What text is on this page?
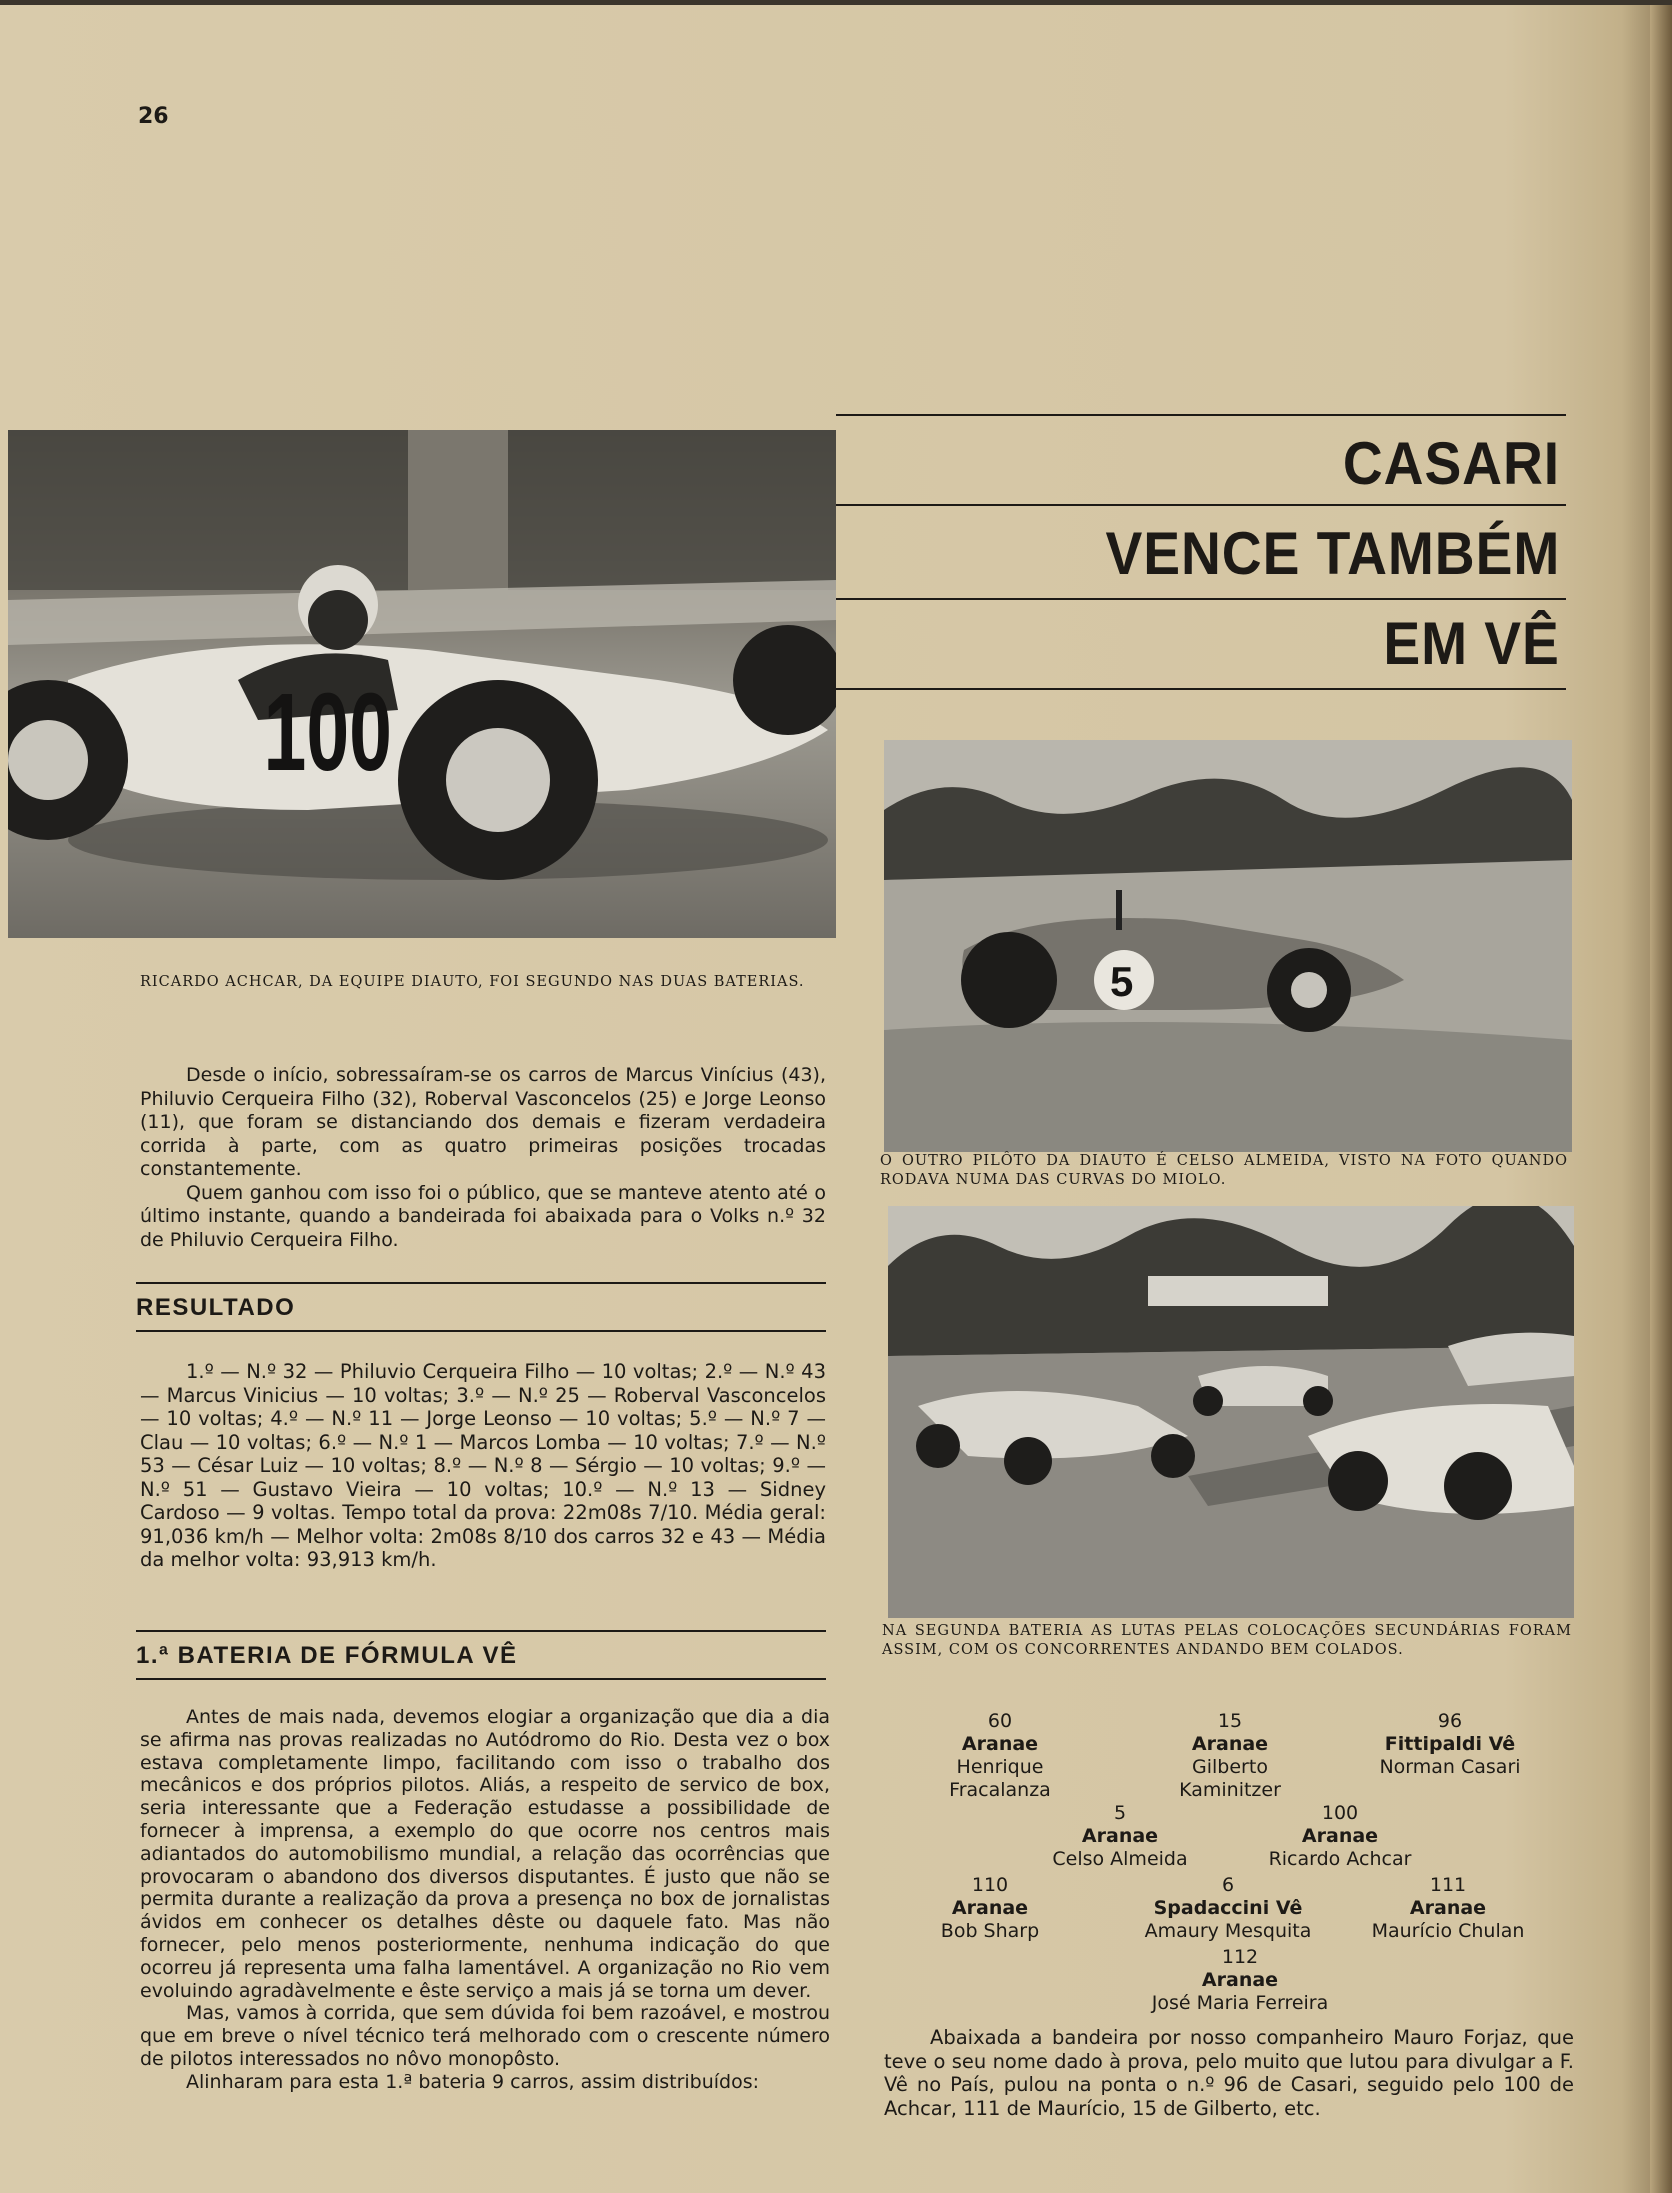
26
100
RICARDO ACHCAR, DA EQUIPE DIAUTO, FOI SEGUNDO NAS DUAS BATERIAS.
CASARI
VENCE TAMBÉM
EM VÊ
5
O OUTRO PILÔTO DA DIAUTO É CELSO ALMEIDA, VISTO NA FOTO QUANDO RODAVA NUMA DAS CURVAS DO MIOLO.
NA SEGUNDA BATERIA AS LUTAS PELAS COLOCAÇÕES SECUNDÁRIAS FORAM ASSIM, COM OS CONCORRENTES ANDANDO BEM COLADOS.

Desde o início, sobressaíram-se os carros de Marcus Vinícius (43), Philuvio Cerqueira Filho (32), Roberval Vasconcelos (25) e Jorge Leonso (11), que foram se distanciando dos demais e fizeram verdadeira corrida à parte, com as quatro primeiras posições trocadas constantemente.

Quem ganhou com isso foi o público, que se manteve atento até o último instante, quando a bandeirada foi abaixada para o Volks n.º 32 de Philuvio Cerqueira Filho.

RESULTADO
1.º — N.º 32 — Philuvio Cerqueira Filho — 10 voltas; 2.º — N.º 43 — Marcus Vinicius — 10 voltas; 3.º — N.º 25 — Roberval Vasconcelos — 10 voltas; 4.º — N.º 11 — Jorge Leonso — 10 voltas; 5.º — N.º 7 — Clau — 10 voltas; 6.º — N.º 1 — Marcos Lomba — 10 voltas; 7.º — N.º 53 — César Luiz — 10 voltas; 8.º — N.º 8 — Sérgio — 10 voltas; 9.º — N.º 51 — Gustavo Vieira — 10 voltas; 10.º — N.º 13 — Sidney Cardoso — 9 voltas. Tempo total da prova: 22m08s 7/10. Média geral: 91,036 km/h — Melhor volta: 2m08s 8/10 dos carros 32 e 43 — Média da melhor volta: 93,913 km/h.
1.ª BATERIA DE FÓRMULA VÊ

Antes de mais nada, devemos elogiar a organização que dia a dia se afirma nas provas realizadas no Autódromo do Rio. Desta vez o box estava completamente limpo, facilitando com isso o trabalho dos mecânicos e dos próprios pilotos. Aliás, a respeito de servico de box, seria interessante que a Federação estudasse a possibilidade de fornecer à imprensa, a exemplo do que ocorre nos centros mais adiantados do automobilismo mundial, a relação das ocorrências que provocaram o abandono dos diversos disputantes. É justo que não se permita durante a realização da prova a presença no box de jornalistas ávidos em conhecer os detalhes dêste ou daquele fato. Mas não fornecer, pelo menos posteriormente, nenhuma indicação do que ocorreu já representa uma falha lamentável. A organização no Rio vem evoluindo agradàvelmente e êste serviço a mais já se torna um dever.

Mas, vamos à corrida, que sem dúvida foi bem razoável, e mostrou que em breve o nível técnico terá melhorado com o crescente número de pilotos interessados no nôvo monopôsto.

Alinharam para esta 1.ª bateria 9 carros, assim distribuídos:

60
Aranae
Henrique Fracalanza
15
Aranae
Gilberto Kaminitzer
96
Fittipaldi Vê
Norman Casari
5
Aranae
Celso Almeida
100
Aranae
Ricardo Achcar
110
Aranae
Bob Sharp
6
Spadaccini Vê
Amaury Mesquita
111
Aranae
Maurício Chulan
112
Aranae
José Maria Ferreira

Abaixada a bandeira por nosso companheiro Mauro Forjaz, que teve o seu nome dado à prova, pelo muito que lutou para divulgar a F. Vê no País, pulou na ponta o n.º 96 de Casari, seguido pelo 100 de Achcar, 111 de Maurício, 15 de Gilberto, etc.
